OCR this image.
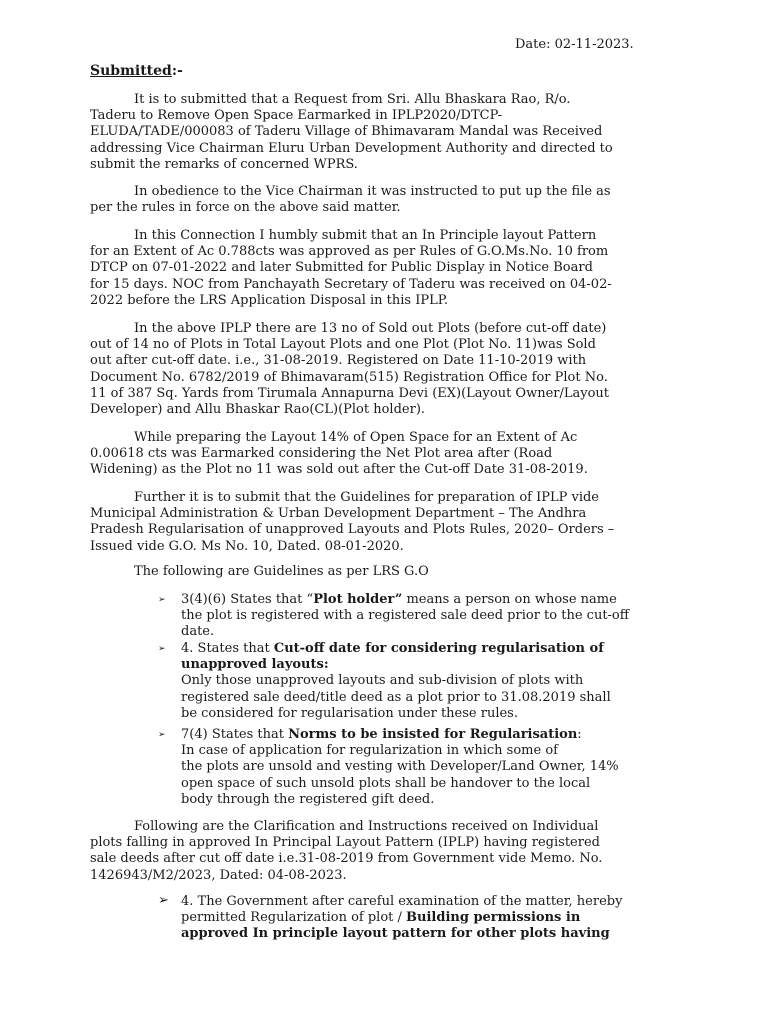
Date: 02-11-2023.
Submitted:-
It is to submitted that a Request from Sri. Allu Bhaskara Rao, R/o.
Taderu to Remove Open Space Earmarked in IPLP2020/DTCP-
ELUDA/TADE/000083 of Taderu Village of Bhimavaram Mandal was Received
addressing Vice Chairman Eluru Urban Development Authority and directed to
submit the remarks of concerned WPRS.
In obedience to the Vice Chairman it was instructed to put up the file as
per the rules in force on the above said matter.
In this Connection I humbly submit that an In Principle layout Pattern
for an Extent of Ac 0.788cts was approved as per Rules of G.O.Ms.No. 10 from
DTCP on 07-01-2022 and later Submitted for Public Display in Notice Board
for 15 days. NOC from Panchayath Secretary of Taderu was received on 04-02-
2022 before the LRS Application Disposal in this IPLP.
In the above IPLP there are 13 no of Sold out Plots (before cut-off date)
out of 14 no of Plots in Total Layout Plots and one Plot (Plot No. 11)was Sold
out after cut-off date. i.e., 31-08-2019. Registered on Date 11-10-2019 with
Document No. 6782/2019 of Bhimavaram(515) Registration Office for Plot No.
11 of 387 Sq. Yards from Tirumala Annapurna Devi (EX)(Layout Owner/Layout
Developer) and Allu Bhaskar Rao(CL)(Plot holder).
While preparing the Layout 14% of Open Space for an Extent of Ac
0.00618 cts was Earmarked considering the Net Plot area after (Road
Widening) as the Plot no 11 was sold out after the Cut-off Date 31-08-2019.
Further it is to submit that the Guidelines for preparation of IPLP vide
Municipal Administration & Urban Development Department – The Andhra
Pradesh Regularisation of unapproved Layouts and Plots Rules, 2020– Orders –
Issued vide G.O. Ms No. 10, Dated. 08-01-2020.
The following are Guidelines as per LRS G.O
➢ 3(4)(6) States that “Plot holder” means a person on whose name
the plot is registered with a registered sale deed prior to the cut-off
date.
➢ 4. States that Cut-off date for considering regularisation of
unapproved layouts:
Only those unapproved layouts and sub-division of plots with
registered sale deed/title deed as a plot prior to 31.08.2019 shall
be considered for regularisation under these rules.
➢ 7(4) States that Norms to be insisted for Regularisation:
In case of application for regularization in which some of
the plots are unsold and vesting with Developer/Land Owner, 14%
open space of such unsold plots shall be handover to the local
body through the registered gift deed.
Following are the Clarification and Instructions received on Individual
plots falling in approved In Principal Layout Pattern (IPLP) having registered
sale deeds after cut off date i.e.31-08-2019 from Government vide Memo. No.
1426943/M2/2023, Dated: 04-08-2023.
➢ 4. The Government after careful examination of the matter, hereby
permitted Regularization of plot / Building permissions in
approved In principle layout pattern for other plots having
